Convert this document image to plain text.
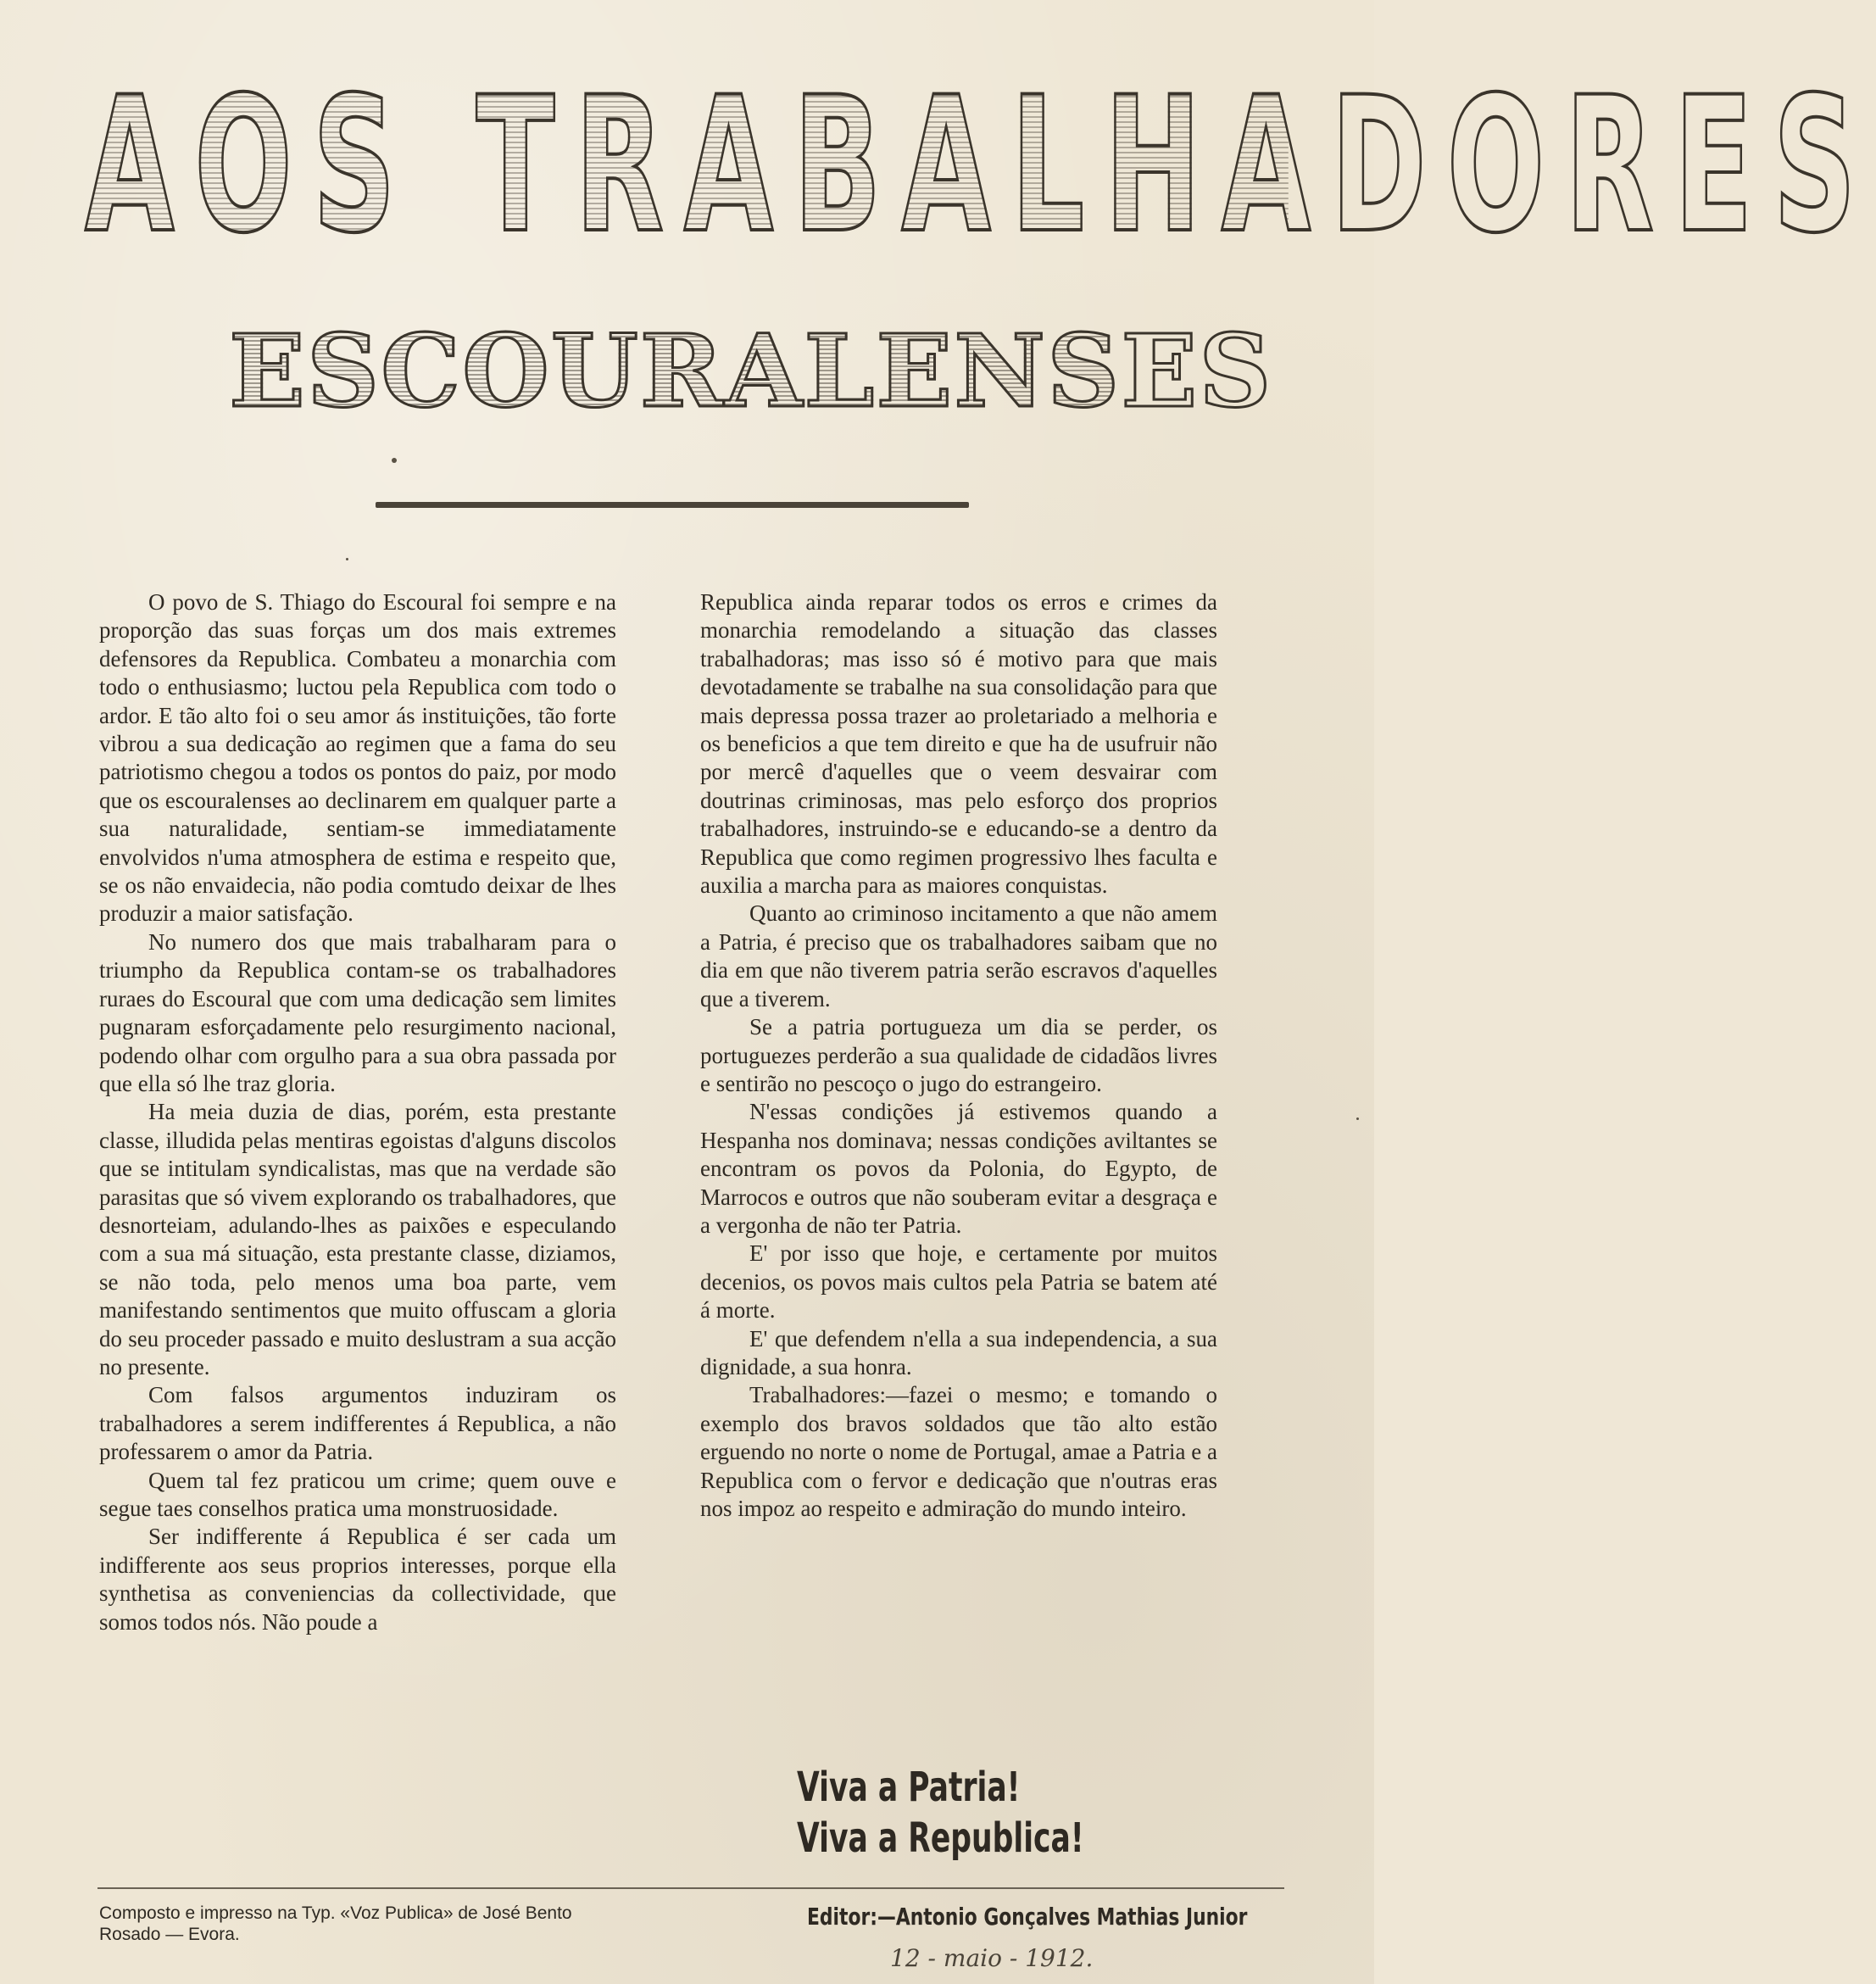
AOS TRABALHADORES
ESCOURALENSES

O povo de S. Thiago do Escoural foi sempre e na proporção das suas forças um dos mais extremes defensores da Republica. Combateu a monarchia com todo o enthusiasmo; luctou pela Republica com todo o ardor. E tão alto foi o seu amor ás instituições, tão forte vibrou a sua dedicação ao regimen que a fama do seu patriotismo chegou a todos os pontos do paiz, por modo que os escouralenses ao declinarem em qualquer parte a sua naturalidade, sentiam-se immediatamente envolvidos n'uma atmosphera de estima e respeito que, se os não envaidecia, não podia comtudo deixar de lhes produzir a maior satisfação.

No numero dos que mais trabalharam para o triumpho da Republica contam-se os trabalhadores ruraes do Escoural que com uma dedicação sem limites pugnaram esforçadamente pelo resurgimento nacional, podendo olhar com orgulho para a sua obra passada por que ella só lhe traz gloria.

Ha meia duzia de dias, porém, esta prestante classe, illudida pelas mentiras egoistas d'alguns discolos que se intitulam syndicalistas, mas que na verdade são parasitas que só vivem explorando os trabalhadores, que desnorteiam, adulando-lhes as paixões e especulando com a sua má situação, esta prestante classe, diziamos, se não toda, pelo menos uma boa parte, vem manifestando sentimentos que muito offuscam a gloria do seu proceder passado e muito deslustram a sua acção no presente.

Com falsos argumentos induziram os trabalhadores a serem indifferentes á Republica, a não professarem o amor da Patria.

Quem tal fez praticou um crime; quem ouve e segue taes conselhos pratica uma monstruosidade.

Ser indifferente á Republica é ser cada um indifferente aos seus proprios interesses, porque ella synthetisa as conveniencias da collectividade, que somos todos nós. Não poude a

Republica ainda reparar todos os erros e crimes da monarchia remodelando a situação das classes trabalhadoras; mas isso só é motivo para que mais devotadamente se trabalhe na sua consolidação para que mais depressa possa trazer ao proletariado a melhoria e os beneficios a que tem direito e que ha de usufruir não por mercê d'aquelles que o veem desvairar com doutrinas criminosas, mas pelo esforço dos proprios trabalhadores, instruindo-se e educando-se a dentro da Republica que como regimen progressivo lhes faculta e auxilia a marcha para as maiores conquistas.

Quanto ao criminoso incitamento a que não amem a Patria, é preciso que os trabalhadores saibam que no dia em que não tiverem patria serão escravos d'aquelles que a tiverem.

Se a patria portugueza um dia se perder, os portuguezes perderão a sua qualidade de cidadãos livres e sentirão no pescoço o jugo do estrangeiro.

N'essas condições já estivemos quando a Hespanha nos dominava; nessas condições aviltantes se encontram os povos da Polonia, do Egypto, de Marrocos e outros que não souberam evitar a desgraça e a vergonha de não ter Patria.

E' por isso que hoje, e certamente por muitos decenios, os povos mais cultos pela Patria se batem até á morte.

E' que defendem n'ella a sua independencia, a sua dignidade, a sua honra.

Trabalhadores:—fazei o mesmo; e tomando o exemplo dos bravos soldados que tão alto estão erguendo no norte o nome de Portugal, amae a Patria e a Republica com o fervor e dedicação que n'outras eras nos impoz ao respeito e admiração do mundo inteiro.

Viva a Patria!
Viva a Republica!
Composto e impresso na Typ. «Voz Publica» de José Bento
Rosado — Evora.
Editor:—Antonio Gonçalves Mathias Junior
12 - maio - 1912.
